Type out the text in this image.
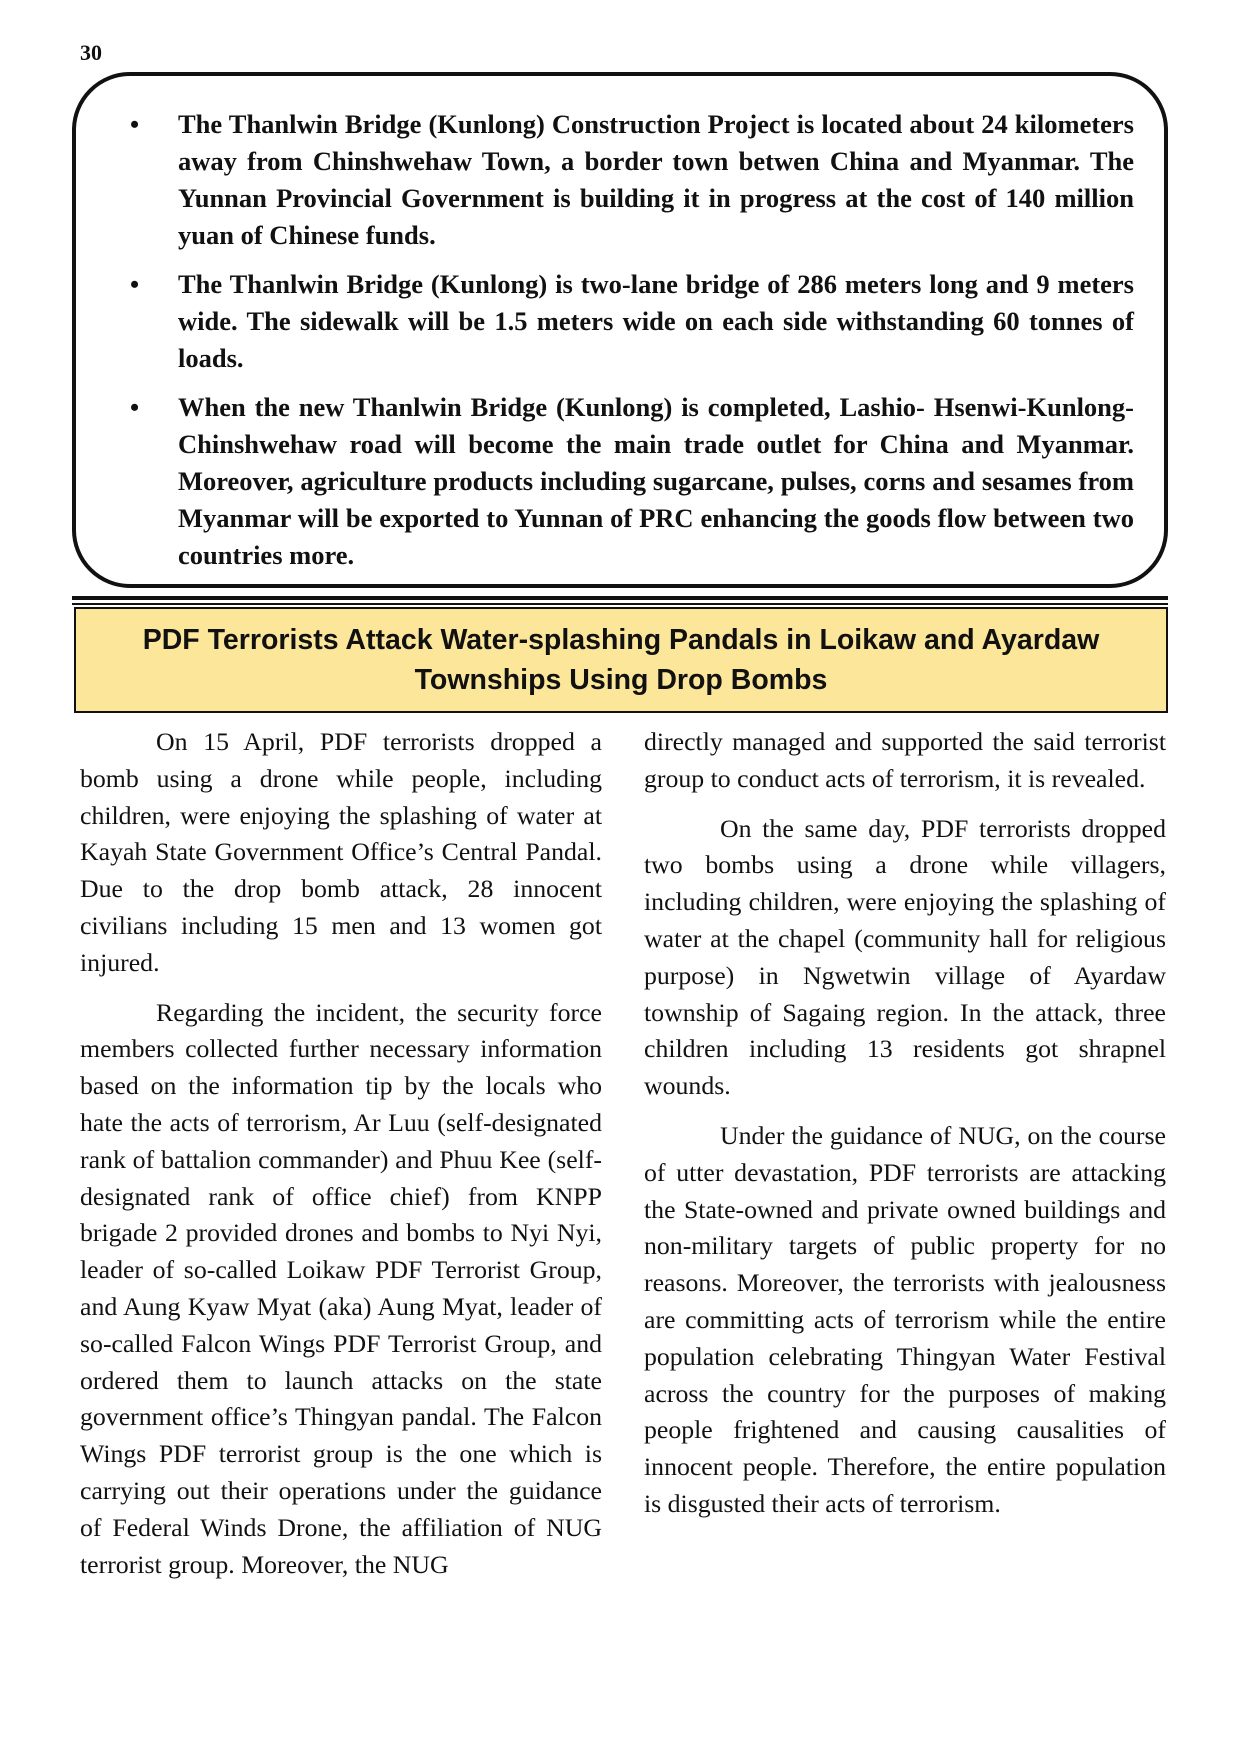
30
• The Thanlwin Bridge (Kunlong) Construction Project is located about 24 kilometers away from Chinshwehaw Town, a border town betwen China and Myanmar. The Yunnan Provincial Government is building it in progress at the cost of 140 million yuan of Chinese funds.
• The Thanlwin Bridge (Kunlong) is two-lane bridge of 286 meters long and 9 meters wide. The sidewalk will be 1.5 meters wide on each side withstanding 60 tonnes of loads.
• When the new Thanlwin Bridge (Kunlong) is completed, Lashio- Hsenwi-Kunlong-Chinshwehaw road will become the main trade outlet for China and Myanmar. Moreover, agriculture products including sugarcane, pulses, corns and sesames from Myanmar will be exported to Yunnan of PRC enhancing the goods flow between two countries more.
PDF Terrorists Attack Water-splashing Pandals in Loikaw and Ayardaw
Townships Using Drop Bombs

On 15 April, PDF terrorists dropped a bomb using a drone while people, including children, were enjoying the splashing of water at Kayah State Government Office’s Central Pandal. Due to the drop bomb attack, 28 innocent civilians including 15 men and 13 women got injured.

Regarding the incident, the security force members collected further necessary information based on the information tip by the locals who hate the acts of terrorism, Ar Luu (self-designated rank of battalion commander) and Phuu Kee (self-designated rank of office chief) from KNPP brigade 2 provided drones and bombs to Nyi Nyi, leader of so-called Loikaw PDF Terrorist Group, and Aung Kyaw Myat (aka) Aung Myat, leader of so-called Falcon Wings PDF Terrorist Group, and ordered them to launch attacks on the state government office’s Thingyan pandal. The Falcon Wings PDF terrorist group is the one which is carrying out their operations under the guidance of Federal Winds Drone, the affiliation of NUG terrorist group. Moreover, the NUG

directly managed and supported the said terrorist group to conduct acts of terrorism, it is revealed.

On the same day, PDF terrorists dropped two bombs using a drone while villagers, including children, were enjoying the splashing of water at the chapel (community hall for religious purpose) in Ngwetwin village of Ayardaw township of Sagaing region. In the attack, three children including 13 residents got shrapnel wounds.

Under the guidance of NUG, on the course of utter devastation, PDF terrorists are attacking the State-owned and private owned buildings and non-military targets of public property for no reasons. Moreover, the terrorists with jealousness are committing acts of terrorism while the entire population celebrating Thingyan Water Festival across the country for the purposes of making people frightened and causing causalities of innocent people. Therefore, the entire population is disgusted their acts of terrorism.
